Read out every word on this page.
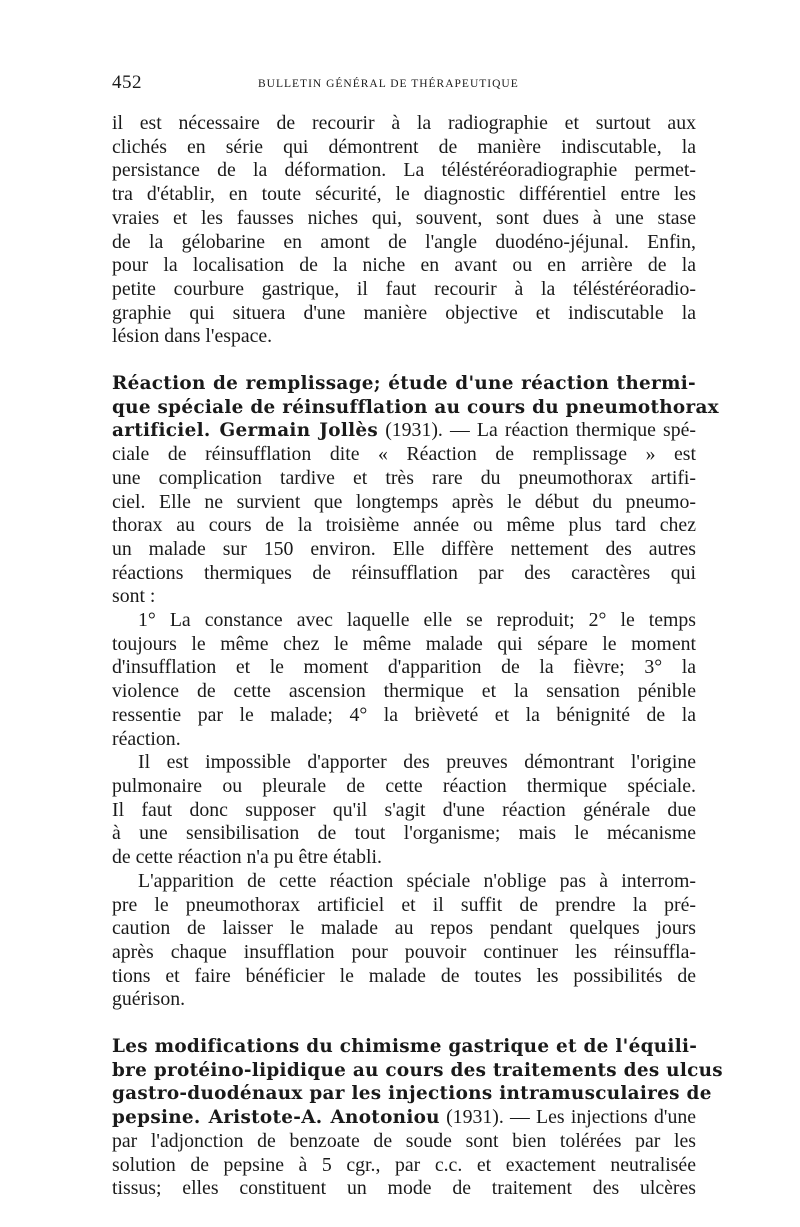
452	BULLETIN GÉNÉRAL DE THÉRAPEUTIQUE

il est nécessaire de recourir à la radiographie et surtout aux
clichés en série qui démontrent de manière indiscutable, la
persistance de la déformation. La téléstéréoradiographie permet-
tra d'établir, en toute sécurité, le diagnostic différentiel entre les
vraies et les fausses niches qui, souvent, sont dues à une stase
de la gélobarine en amont de l'angle duodéno-jéjunal. Enfin,
pour la localisation de la niche en avant ou en arrière de la
petite courbure gastrique, il faut recourir à la téléstéréoradio-
graphie qui situera d'une manière objective et indiscutable la
lésion dans l'espace.

Réaction de remplissage; étude d'une réaction thermi-
que spéciale de réinsufflation au cours du pneumothorax
artificiel. Germain Jollès (1931). — La réaction thermique spé-
ciale de réinsufflation dite « Réaction de remplissage » est
une complication tardive et très rare du pneumothorax artifi-
ciel. Elle ne survient que longtemps après le début du pneumo-
thorax au cours de la troisième année ou même plus tard chez
un malade sur 150 environ. Elle diffère nettement des autres
réactions thermiques de réinsufflation par des caractères qui
sont :

1° La constance avec laquelle elle se reproduit; 2° le temps
toujours le même chez le même malade qui sépare le moment
d'insufflation et le moment d'apparition de la fièvre; 3° la
violence de cette ascension thermique et la sensation pénible
ressentie par le malade; 4° la brièveté et la bénignité de la
réaction.

Il est impossible d'apporter des preuves démontrant l'origine
pulmonaire ou pleurale de cette réaction thermique spéciale.
Il faut donc supposer qu'il s'agit d'une réaction générale due
à une sensibilisation de tout l'organisme; mais le mécanisme
de cette réaction n'a pu être établi.

L'apparition de cette réaction spéciale n'oblige pas à interrom-
pre le pneumothorax artificiel et il suffit de prendre la pré-
caution de laisser le malade au repos pendant quelques jours
après chaque insufflation pour pouvoir continuer les réinsuffla-
tions et faire bénéficier le malade de toutes les possibilités de
guérison.

Les modifications du chimisme gastrique et de l'équili-
bre protéino-lipidique au cours des traitements des ulcus
gastro-duodénaux par les injections intramusculaires de
pepsine. Aristote-A. Anotoniou (1931). — Les injections d'une
par l'adjonction de benzoate de soude sont bien tolérées par les
solution de pepsine à 5 cgr., par c.c. et exactement neutralisée
tissus; elles constituent un mode de traitement des ulcères
